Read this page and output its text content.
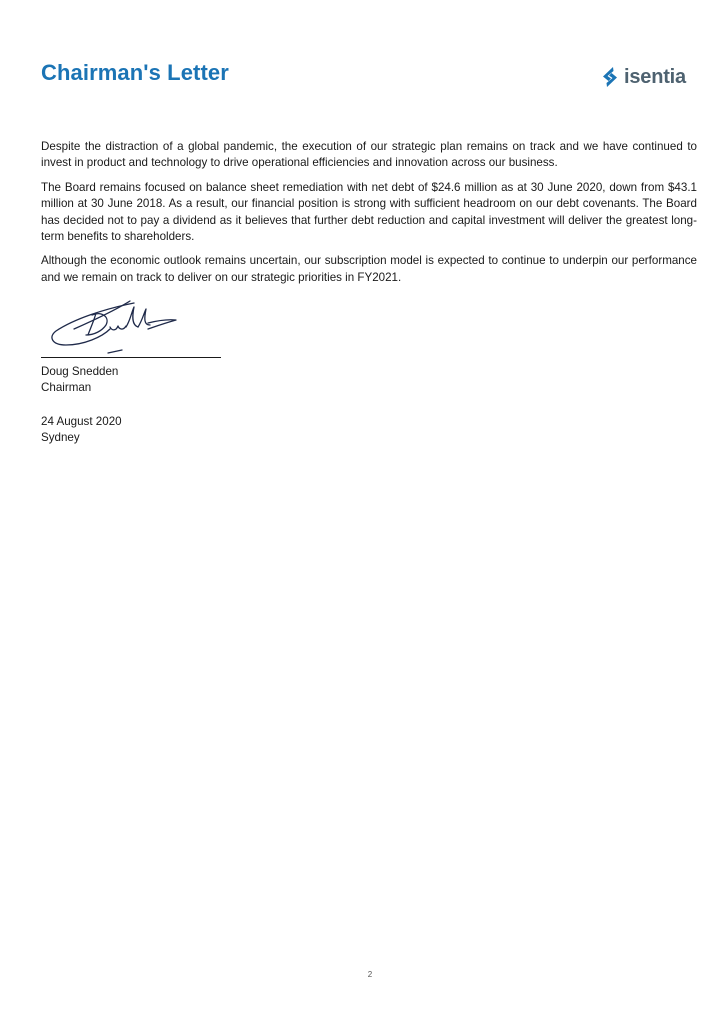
Chairman's Letter	isentia

Despite the distraction of a global pandemic, the execution of our strategic plan remains on track and we have continued to invest in product and technology to drive operational efficiencies and innovation across our business.

The Board remains focused on balance sheet remediation with net debt of $24.6 million as at 30 June 2020, down from $43.1 million at 30 June 2018. As a result, our financial position is strong with sufficient headroom on our debt covenants. The Board has decided not to pay a dividend as it believes that further debt reduction and capital investment will deliver the greatest long-term benefits to shareholders.

Although the economic outlook remains uncertain, our subscription model is expected to continue to underpin our performance and we remain on track to deliver on our strategic priorities in FY2021.

Doug Snedden
Chairman
24 August 2020
Sydney
2
